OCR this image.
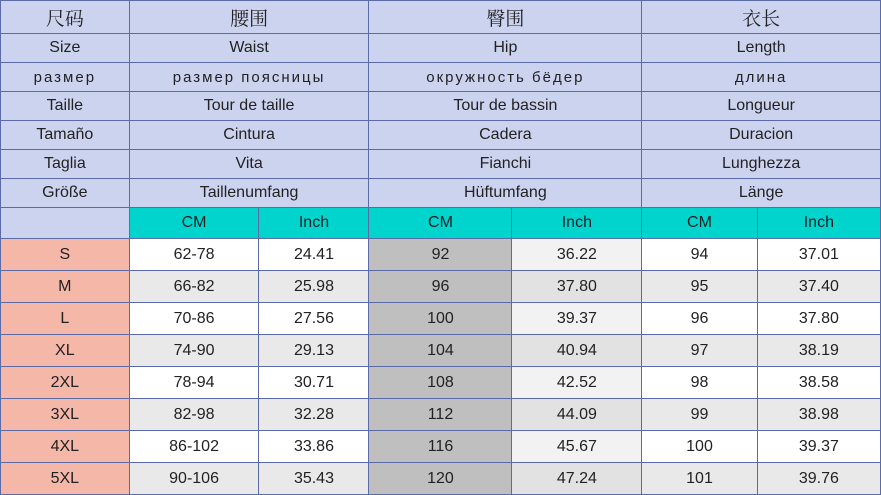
尺码	腰围		臀围		衣长	
Size	Waist		Hip		Length	
размер	размер поясницы		окружность бёдер		длина	
Taille	Tour de taille		Tour de bassin		Longueur	
Tamaño	Cintura		Cadera		Duracion	
Taglia	Vita		Fianchi		Lunghezza	
Größe	Taillenumfang		Hüftumfang		Länge	
	CM	Inch	CM	Inch	CM	Inch
S	62-78	24.41	92	36.22	94	37.01
M	66-82	25.98	96	37.80	95	37.40
L	70-86	27.56	100	39.37	96	37.80
XL	74-90	29.13	104	40.94	97	38.19
2XL	78-94	30.71	108	42.52	98	38.58
3XL	82-98	32.28	112	44.09	99	38.98
4XL	86-102	33.86	116	45.67	100	39.37
5XL	90-106	35.43	120	47.24	101	39.76
